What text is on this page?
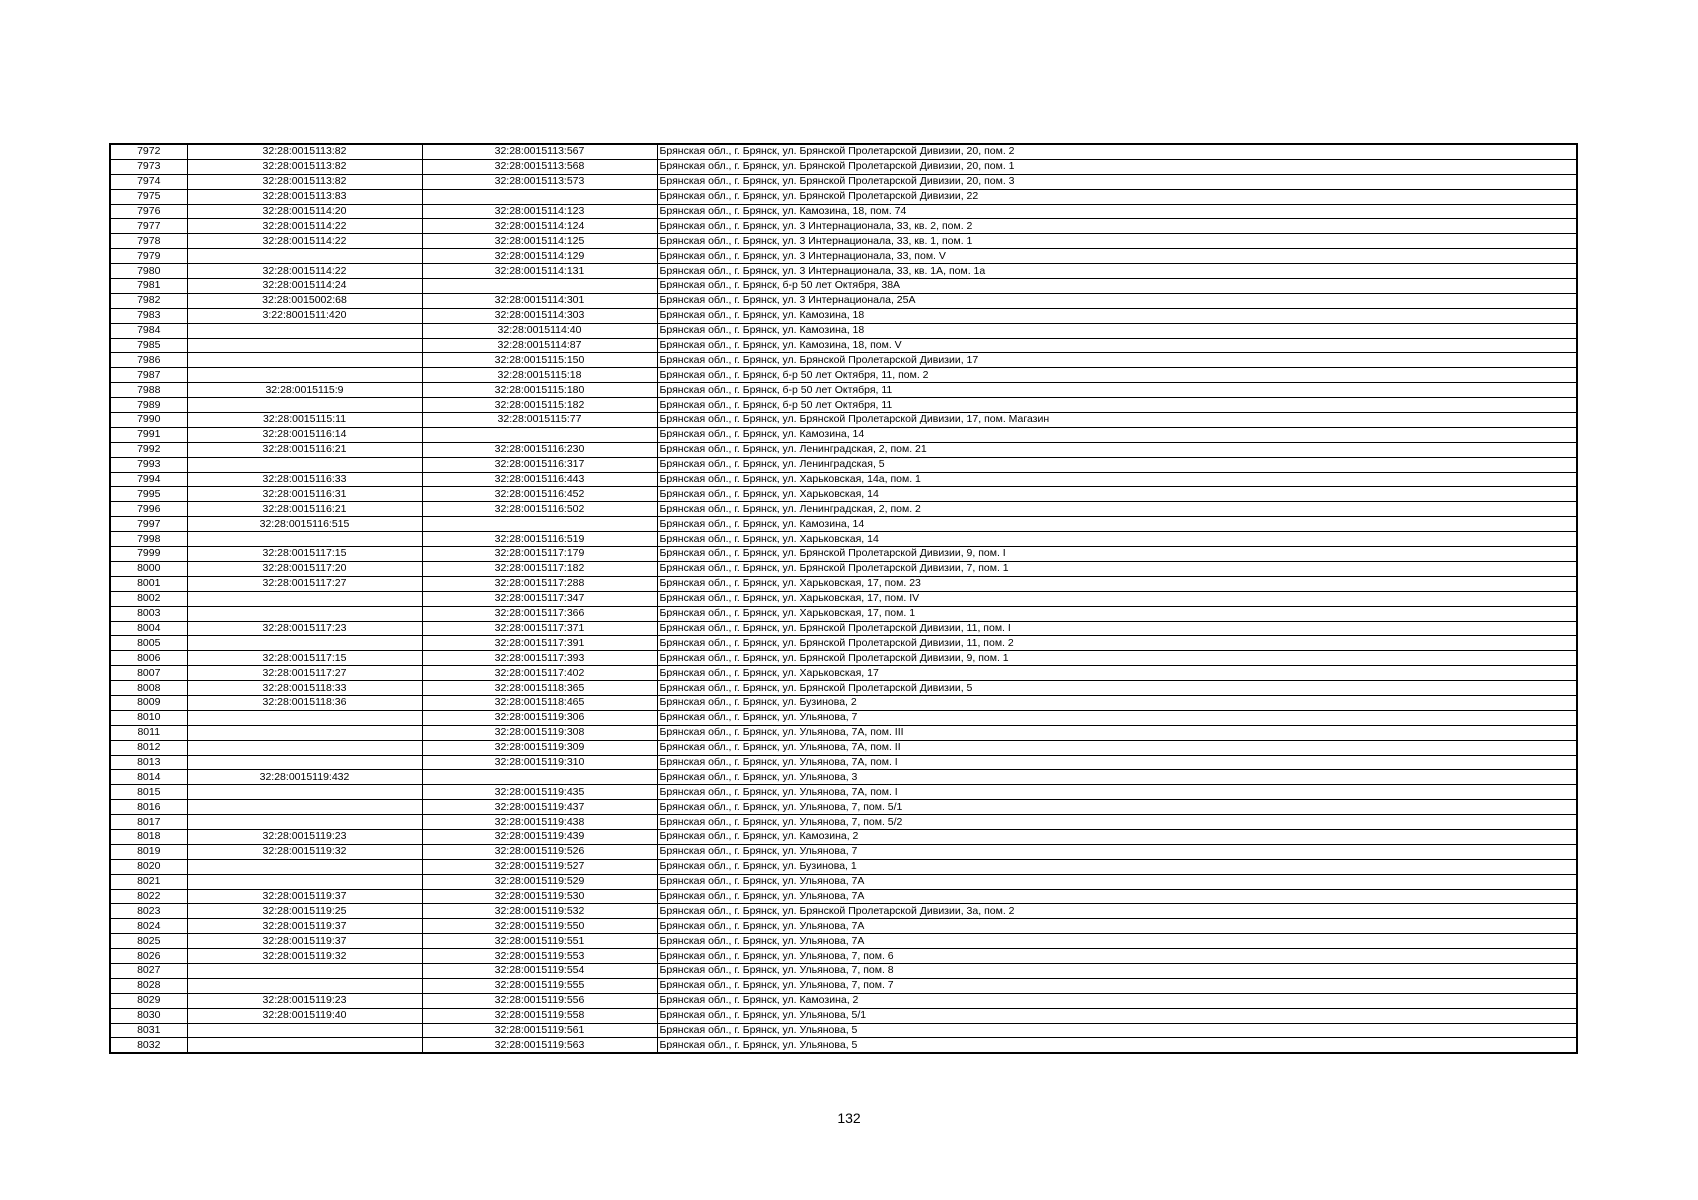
7972	32:28:0015113:82	32:28:0015113:567	Брянская обл., г. Брянск, ул. Брянской Пролетарской Дивизии, 20, пом. 2
7973	32:28:0015113:82	32:28:0015113:568	Брянская обл., г. Брянск, ул. Брянской Пролетарской Дивизии, 20, пом. 1
7974	32:28:0015113:82	32:28:0015113:573	Брянская обл., г. Брянск, ул. Брянской Пролетарской Дивизии, 20, пом. 3
7975	32:28:0015113:83		Брянская обл., г. Брянск, ул. Брянской Пролетарской Дивизии, 22
7976	32:28:0015114:20	32:28:0015114:123	Брянская обл., г. Брянск, ул. Камозина, 18, пом. 74
7977	32:28:0015114:22	32:28:0015114:124	Брянская обл., г. Брянск, ул. 3 Интернационала, 33, кв. 2, пом. 2
7978	32:28:0015114:22	32:28:0015114:125	Брянская обл., г. Брянск, ул. 3 Интернационала, 33, кв. 1, пом. 1
7979		32:28:0015114:129	Брянская обл., г. Брянск, ул. 3 Интернационала, 33, пом. V
7980	32:28:0015114:22	32:28:0015114:131	Брянская обл., г. Брянск, ул. 3 Интернационала, 33, кв. 1А, пом. 1а
7981	32:28:0015114:24		Брянская обл., г. Брянск, б-р 50 лет Октября, 38А
7982	32:28:0015002:68	32:28:0015114:301	Брянская обл., г. Брянск, ул. 3 Интернационала, 25А
7983	3:22:8001511:420	32:28:0015114:303	Брянская обл., г. Брянск, ул. Камозина, 18
7984		32:28:0015114:40	Брянская обл., г. Брянск, ул. Камозина, 18
7985		32:28:0015114:87	Брянская обл., г. Брянск, ул. Камозина, 18, пом. V
7986		32:28:0015115:150	Брянская обл., г. Брянск, ул. Брянской Пролетарской Дивизии, 17
7987		32:28:0015115:18	Брянская обл., г. Брянск, б-р 50 лет Октября, 11, пом. 2
7988	32:28:0015115:9	32:28:0015115:180	Брянская обл., г. Брянск, б-р 50 лет Октября, 11
7989		32:28:0015115:182	Брянская обл., г. Брянск, б-р 50 лет Октября, 11
7990	32:28:0015115:11	32:28:0015115:77	Брянская обл., г. Брянск, ул. Брянской Пролетарской Дивизии, 17, пом. Магазин
7991	32:28:0015116:14		Брянская обл., г. Брянск, ул. Камозина, 14
7992	32:28:0015116:21	32:28:0015116:230	Брянская обл., г. Брянск, ул. Ленинградская, 2, пом. 21
7993		32:28:0015116:317	Брянская обл., г. Брянск, ул. Ленинградская, 5
7994	32:28:0015116:33	32:28:0015116:443	Брянская обл., г. Брянск, ул. Харьковская, 14а, пом. 1
7995	32:28:0015116:31	32:28:0015116:452	Брянская обл., г. Брянск, ул. Харьковская, 14
7996	32:28:0015116:21	32:28:0015116:502	Брянская обл., г. Брянск, ул. Ленинградская, 2, пом. 2
7997	32:28:0015116:515		Брянская обл., г. Брянск, ул. Камозина, 14
7998		32:28:0015116:519	Брянская обл., г. Брянск, ул. Харьковская, 14
7999	32:28:0015117:15	32:28:0015117:179	Брянская обл., г. Брянск, ул. Брянской Пролетарской Дивизии, 9, пом. I
8000	32:28:0015117:20	32:28:0015117:182	Брянская обл., г. Брянск, ул. Брянской Пролетарской Дивизии, 7, пом. 1
8001	32:28:0015117:27	32:28:0015117:288	Брянская обл., г. Брянск, ул. Харьковская, 17, пом. 23
8002		32:28:0015117:347	Брянская обл., г. Брянск, ул. Харьковская, 17, пом. IV
8003		32:28:0015117:366	Брянская обл., г. Брянск, ул. Харьковская, 17, пом. 1
8004	32:28:0015117:23	32:28:0015117:371	Брянская обл., г. Брянск, ул. Брянской Пролетарской Дивизии, 11, пом. I
8005		32:28:0015117:391	Брянская обл., г. Брянск, ул. Брянской Пролетарской Дивизии, 11, пом. 2
8006	32:28:0015117:15	32:28:0015117:393	Брянская обл., г. Брянск, ул. Брянской Пролетарской Дивизии, 9, пом. 1
8007	32:28:0015117:27	32:28:0015117:402	Брянская обл., г. Брянск, ул. Харьковская, 17
8008	32:28:0015118:33	32:28:0015118:365	Брянская обл., г. Брянск, ул. Брянской Пролетарской Дивизии, 5
8009	32:28:0015118:36	32:28:0015118:465	Брянская обл., г. Брянск, ул. Бузинова, 2
8010		32:28:0015119:306	Брянская обл., г. Брянск, ул. Ульянова, 7
8011		32:28:0015119:308	Брянская обл., г. Брянск, ул. Ульянова, 7А, пом. III
8012		32:28:0015119:309	Брянская обл., г. Брянск, ул. Ульянова, 7А, пом. II
8013		32:28:0015119:310	Брянская обл., г. Брянск, ул. Ульянова, 7А, пом. I
8014	32:28:0015119:432		Брянская обл., г. Брянск, ул. Ульянова, 3
8015		32:28:0015119:435	Брянская обл., г. Брянск, ул. Ульянова, 7А, пом. I
8016		32:28:0015119:437	Брянская обл., г. Брянск, ул. Ульянова, 7, пом. 5/1
8017		32:28:0015119:438	Брянская обл., г. Брянск, ул. Ульянова, 7, пом. 5/2
8018	32:28:0015119:23	32:28:0015119:439	Брянская обл., г. Брянск, ул. Камозина, 2
8019	32:28:0015119:32	32:28:0015119:526	Брянская обл., г. Брянск, ул. Ульянова, 7
8020		32:28:0015119:527	Брянская обл., г. Брянск, ул. Бузинова, 1
8021		32:28:0015119:529	Брянская обл., г. Брянск, ул. Ульянова, 7А
8022	32:28:0015119:37	32:28:0015119:530	Брянская обл., г. Брянск, ул. Ульянова, 7А
8023	32:28:0015119:25	32:28:0015119:532	Брянская обл., г. Брянск, ул. Брянской Пролетарской Дивизии, 3а, пом. 2
8024	32:28:0015119:37	32:28:0015119:550	Брянская обл., г. Брянск, ул. Ульянова, 7А
8025	32:28:0015119:37	32:28:0015119:551	Брянская обл., г. Брянск, ул. Ульянова, 7А
8026	32:28:0015119:32	32:28:0015119:553	Брянская обл., г. Брянск, ул. Ульянова, 7, пом. 6
8027		32:28:0015119:554	Брянская обл., г. Брянск, ул. Ульянова, 7, пом. 8
8028		32:28:0015119:555	Брянская обл., г. Брянск, ул. Ульянова, 7, пом. 7
8029	32:28:0015119:23	32:28:0015119:556	Брянская обл., г. Брянск, ул. Камозина, 2
8030	32:28:0015119:40	32:28:0015119:558	Брянская обл., г. Брянск, ул. Ульянова, 5/1
8031		32:28:0015119:561	Брянская обл., г. Брянск, ул. Ульянова, 5
8032		32:28:0015119:563	Брянская обл., г. Брянск, ул. Ульянова, 5
132
